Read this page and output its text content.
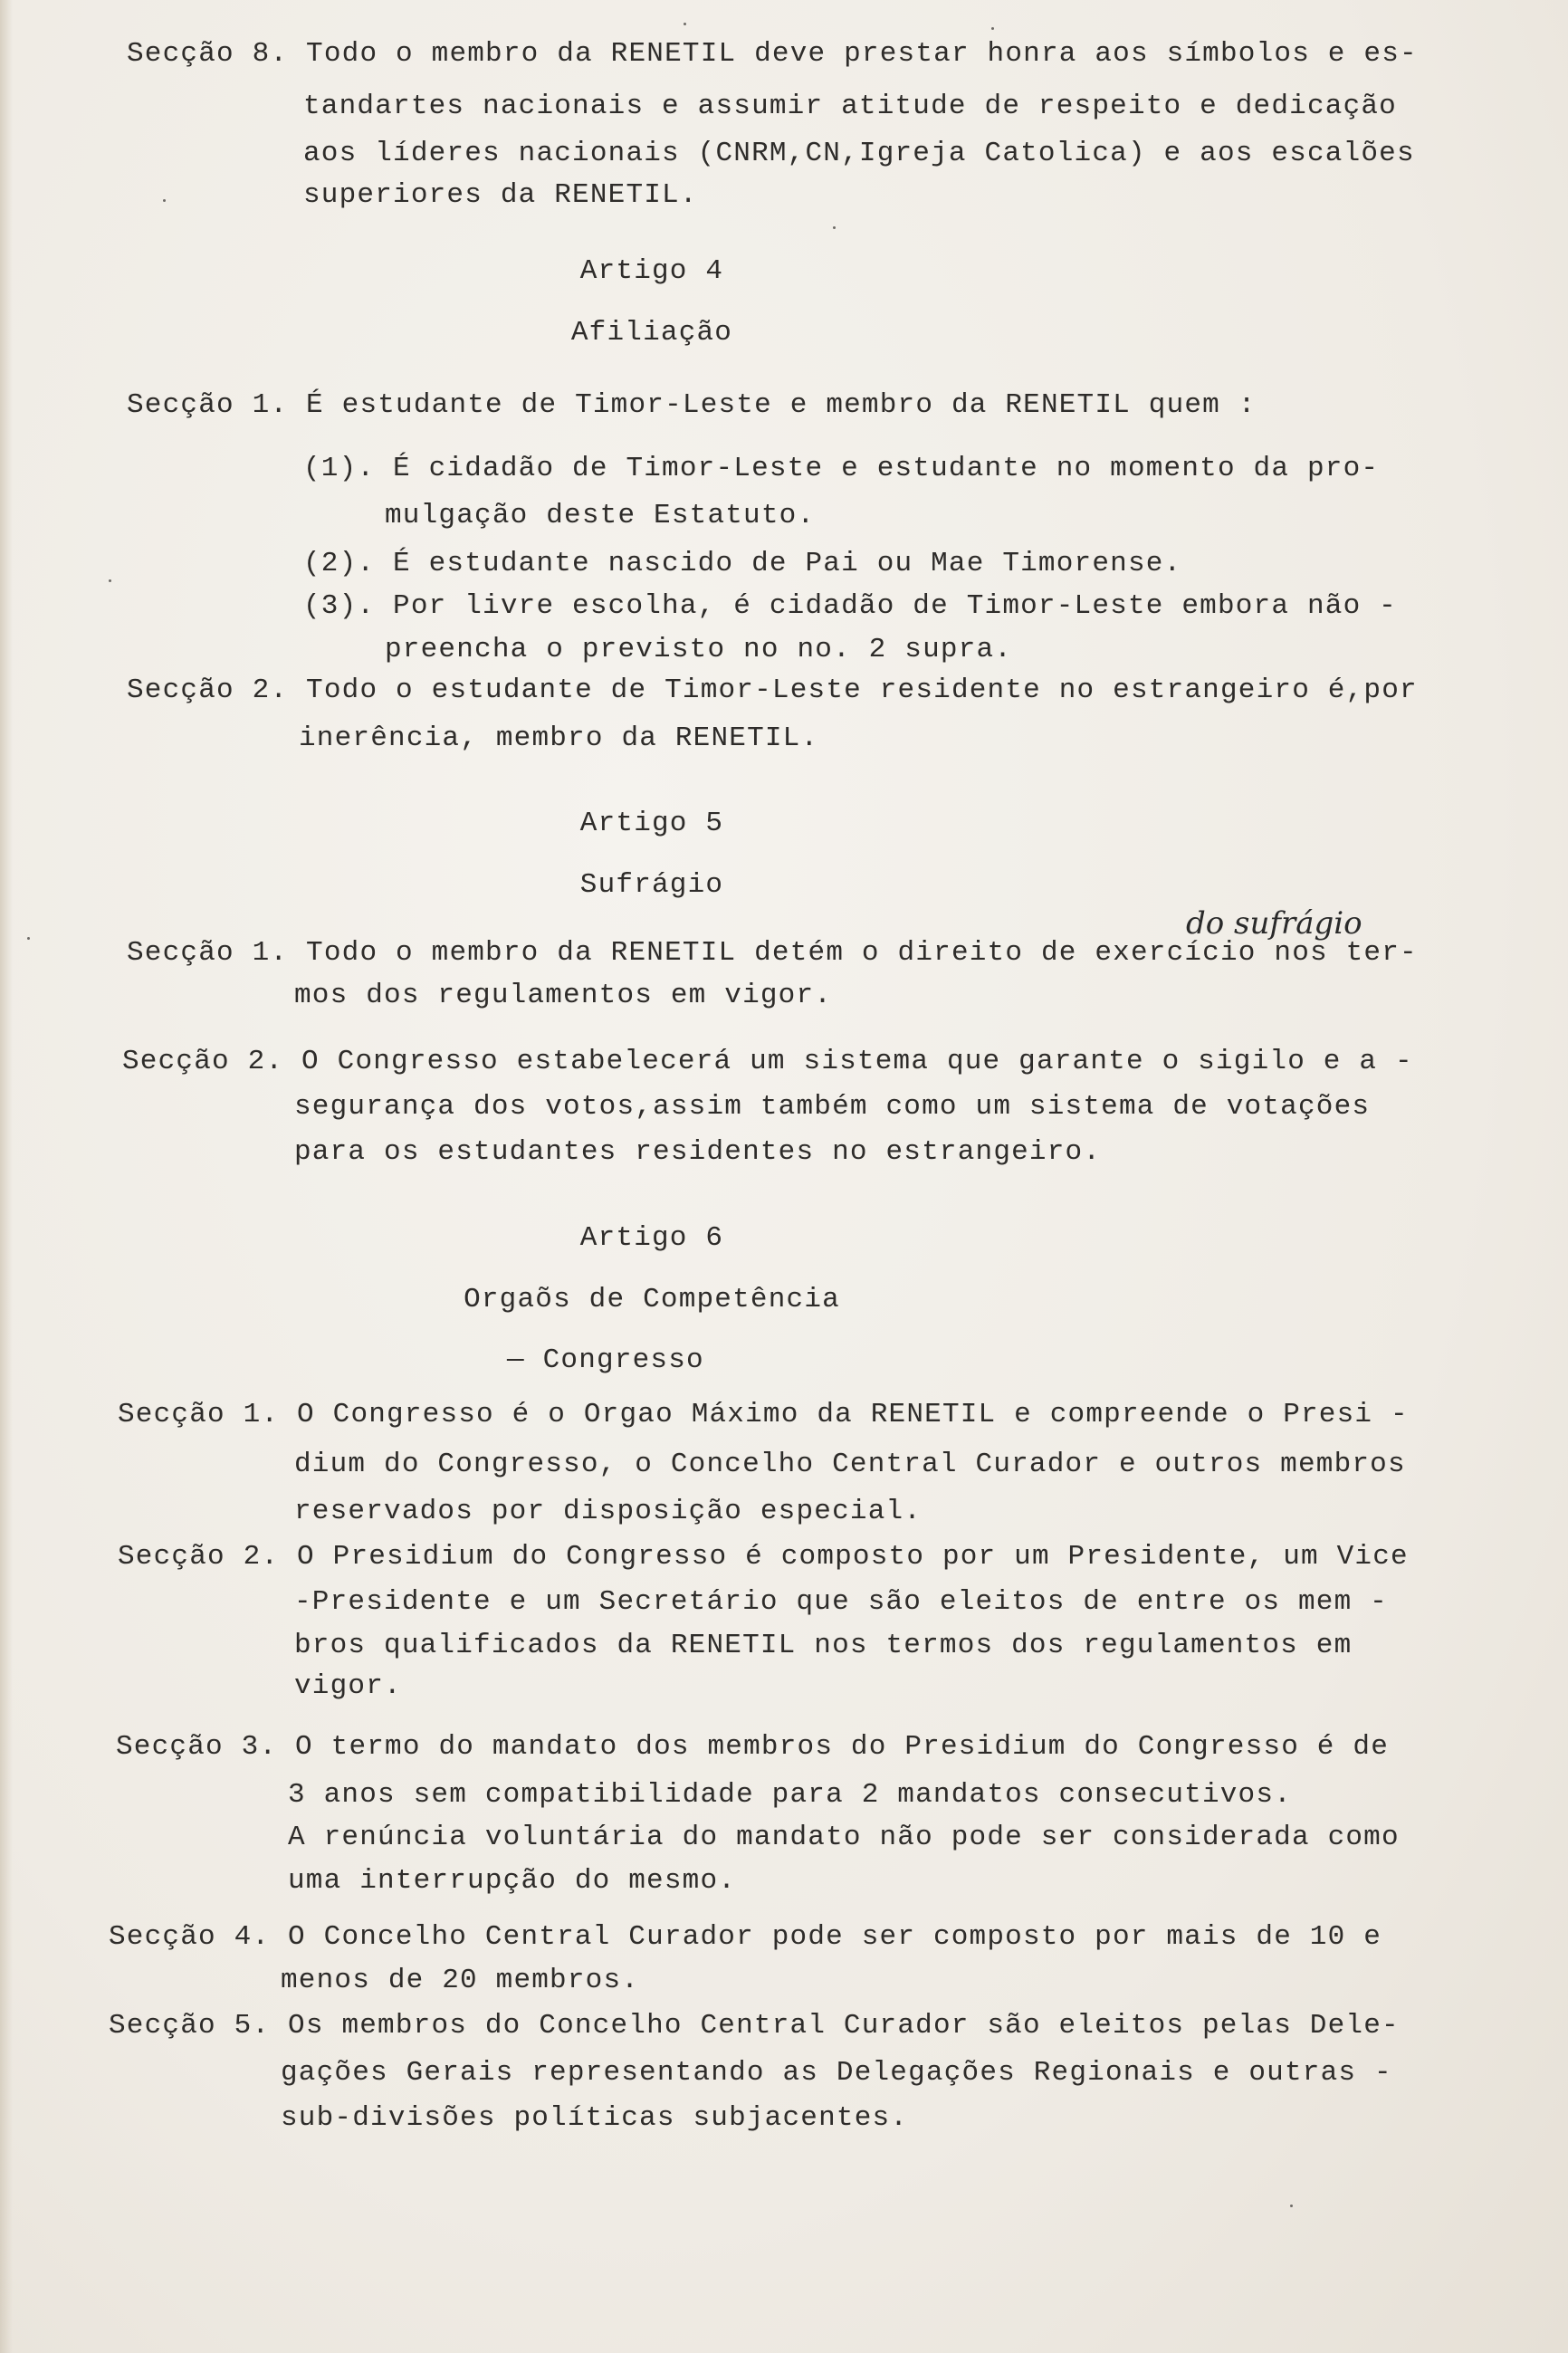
Secção 8. Todo o membro da RENETIL deve prestar honra aos símbolos e es-
tandartes nacionais e assumir atitude de respeito e dedicação
aos líderes nacionais (CNRM,CN,Igreja Catolica) e aos escalões
superiores da RENETIL.
Artigo 4
Afiliação
Secção 1. É estudante de Timor-Leste e membro da RENETIL quem :
(1). É cidadão de Timor-Leste e estudante no momento da pro-
mulgação deste Estatuto.
(2). É estudante nascido de Pai ou Mae Timorense.
(3). Por livre escolha, é cidadão de Timor-Leste embora não -
preencha o previsto no no. 2 supra.
Secção 2. Todo o estudante de Timor-Leste residente no estrangeiro é,por
inerência, membro da RENETIL.
Artigo 5
Sufrágio
do sufrágio
Secção 1. Todo o membro da RENETIL detém o direito de exercício nos ter-
mos dos regulamentos em vigor.
Secção 2. O Congresso estabelecerá um sistema que garante o sigilo e a -
segurança dos votos,assim também como um sistema de votações
para os estudantes residentes no estrangeiro.
Artigo 6
Orgaõs de Competência
— Congresso
Secção 1. O Congresso é o Orgao Máximo da RENETIL e compreende o Presi -
dium do Congresso, o Concelho Central Curador e outros membros
reservados por disposição especial.
Secção 2. O Presidium do Congresso é composto por um Presidente, um Vice
-Presidente e um Secretário que são eleitos de entre os mem -
bros qualificados da RENETIL nos termos dos regulamentos em
vigor.
Secção 3. O termo do mandato dos membros do Presidium do Congresso é de
3 anos sem compatibilidade para 2 mandatos consecutivos.
A renúncia voluntária do mandato não pode ser considerada como
uma interrupção do mesmo.
Secção 4. O Concelho Central Curador pode ser composto por mais de 10 e
menos de 20 membros.
Secção 5. Os membros do Concelho Central Curador são eleitos pelas Dele-
gações Gerais representando as Delegações Regionais e outras -
sub-divisões políticas subjacentes.
